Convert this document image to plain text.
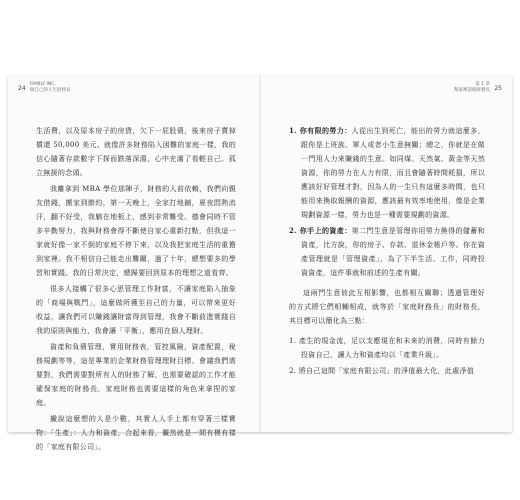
24
FAMILY INC.
做自己的人生財務長

生活費，以及原本房子的房貸，欠下一屁股債，後來房子賣掉償還 50,000 美元。就像許多財務陷入困難的家庭一樣，我的信心隨著存款數字下探而跌落深淵，心中充滿了看輕自己、孤立無援的念頭。

我離拿到 MBA 學位那陣子，財務的人前依賴，我們向親友借錢，搬家到節約，第一天晚上，全家打地鋪，夏夜悶熱流汗，翻不好受，我躺在地板上，感到非常難受。德會同時不管多辛勤努力，我與財務會得不斷使自家心重新打點，但我這一家就好像一家不倒的家庭不停下來，以及我把家庭生活的重擔到家裡。我不相信自己能走出難關，過了十年，總想要多的學習和實踐。我的日常決定，總歸要回到原本的理想之道看齊。

很多人接觸了很多心思管理工作財富，不讓家庭陷入抽象的「商場與戰鬥」，這麼做所獲至自己的力量，可以帶來更好收益，讓我們可以賺錢讓財富得到管理，我會不斷前進實踐自我的原則與能力，我會讓「平衡」，應用在個人理財。

資產和負債管理，實用財務表，管控風險，資產配置，稅務規劃等等，這是專業的企業財務管理理財目標。會議我們需要對，我們需要對所有人的財務了解，也需要確認的工作才能確保家庭的財務長，家庭財務也需要這樣的角色來拿捏的家庭。

撇說這麼想的人是少數，其實人人手上都有穿著三樣寶物：「生產」：人力和資產，合起來看，儼然就是一間有模有樣的「家庭有限公司」。

25
第 1 章
幫家裡請個財務長

1. 你有限的勞力：人從出生到死亡，能出的勞力就這麼多，跟你是上班族、軍人或者小生意無關；總之，你就是在做一門用人力來賺錢的生意。如同煤、天然氣、黃金等天然資源，你的勞力在人力有限，而且會隨著時間耗損，所以應該好好管理才對，因為人的一生只有這麼多時間，也只能用來換取報酬的資源，應該最有效率地使用，像是企業規劃資源一樣，勞力也是一種需要規劃的資源。

2. 你手上的資產：第二門生意是管理你用勞力換得的儲蓄和資產，比方說，你的房子、存款、退休金帳戶等。你在資產管理就是「管理資產」，為了下半生活、工作，同時投資資產，這件事就和前述的生產有關。

這兩門生意彼此互相影響，也都相互關聯；透過管理好的方式將它們相輔相成，就等於「家庭財務長」的財務長，其目標可以簡化為三點：

1. 產生的現金流，足以支應現在和未來的消費，同時有餘力投資自己，讓人力和資產均以「產業升級」。

2. 將自己這間「家庭有限公司」的淨值最大化，此處淨值
